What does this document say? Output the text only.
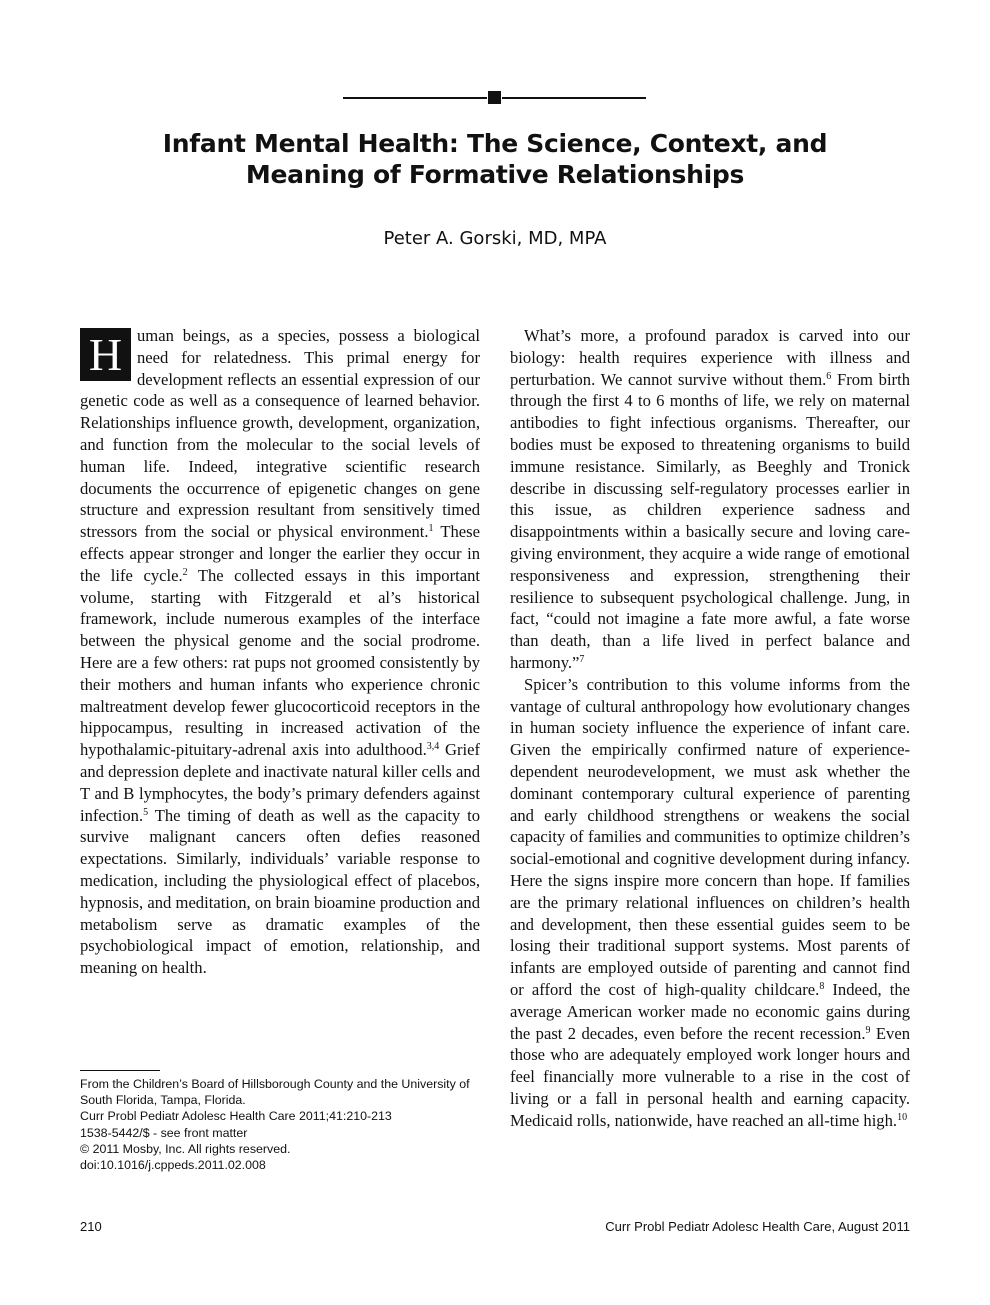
Infant Mental Health: The Science, Context, and Meaning of Formative Relationships
Peter A. Gorski, MD, MPA

H uman beings, as a species, possess a biological need for relatedness. This primal energy for development reflects an essential expression of our genetic code as well as a consequence of learned behavior. Relationships influence growth, development, organization, and function from the molecular to the social levels of human life. Indeed, integrative scientific research documents the occurrence of epigenetic changes on gene structure and expression resultant from sensitively timed stressors from the social or physical environment.$^1$ These effects appear stronger and longer the earlier they occur in the life cycle.$^2$ The collected essays in this important volume, starting with Fitzgerald et al’s historical framework, include numerous examples of the interface between the physical genome and the social prodrome. Here are a few others: rat pups not groomed consistently by their mothers and human infants who experience chronic maltreatment develop fewer glucocorticoid receptors in the hippocampus, resulting in increased activation of the hypothalamic-pituitary-adrenal axis into adulthood.$^{3,4}$ Grief and depression deplete and inactivate natural killer cells and T and B lymphocytes, the body’s primary defenders against infection.$^5$ The timing of death as well as the capacity to survive malignant cancers often defies reasoned expectations. Similarly, individuals’ variable response to medication, including the physiological effect of placebos, hypnosis, and meditation, on brain bioamine production and metabolism serve as dramatic examples of the psychobiological impact of emotion, relationship, and meaning on health.

What’s more, a profound paradox is carved into our biology: health requires experience with illness and perturbation. We cannot survive without them.$^6$ From birth through the first 4 to 6 months of life, we rely on maternal antibodies to fight infectious organisms. Thereafter, our bodies must be exposed to threatening organisms to build immune resistance. Similarly, as Beeghly and Tronick describe in discussing self-regulatory processes earlier in this issue, as children experience sadness and disappointments within a basically secure and loving care-giving environment, they acquire a wide range of emotional responsiveness and expression, strengthening their resilience to subsequent psychological challenge. Jung, in fact, “could not imagine a fate more awful, a fate worse than death, than a life lived in perfect balance and harmony.”$^7$

Spicer’s contribution to this volume informs from the vantage of cultural anthropology how evolutionary changes in human society influence the experience of infant care. Given the empirically confirmed nature of experience-dependent neurodevelopment, we must ask whether the dominant contemporary cultural experience of parenting and early childhood strengthens or weakens the social capacity of families and communities to optimize children’s social-emotional and cognitive development during infancy. Here the signs inspire more concern than hope. If families are the primary relational influences on children’s health and development, then these essential guides seem to be losing their traditional support systems. Most parents of infants are employed outside of parenting and cannot find or afford the cost of high-quality childcare.$^8$ Indeed, the average American worker made no economic gains during the past 2 decades, even before the recent recession.$^9$ Even those who are adequately employed work longer hours and feel financially more vulnerable to a rise in the cost of living or a fall in personal health and earning capacity. Medicaid rolls, nationwide, have reached an all-time high.$^{10}$

From the Children’s Board of Hillsborough County and the University of South Florida, Tampa, Florida.
Curr Probl Pediatr Adolesc Health Care 2011;41:210-213
1538-5442/$ - see front matter
© 2011 Mosby, Inc. All rights reserved.
doi:10.1016/j.cppeds.2011.02.008
210	Curr Probl Pediatr Adolesc Health Care, August 2011
